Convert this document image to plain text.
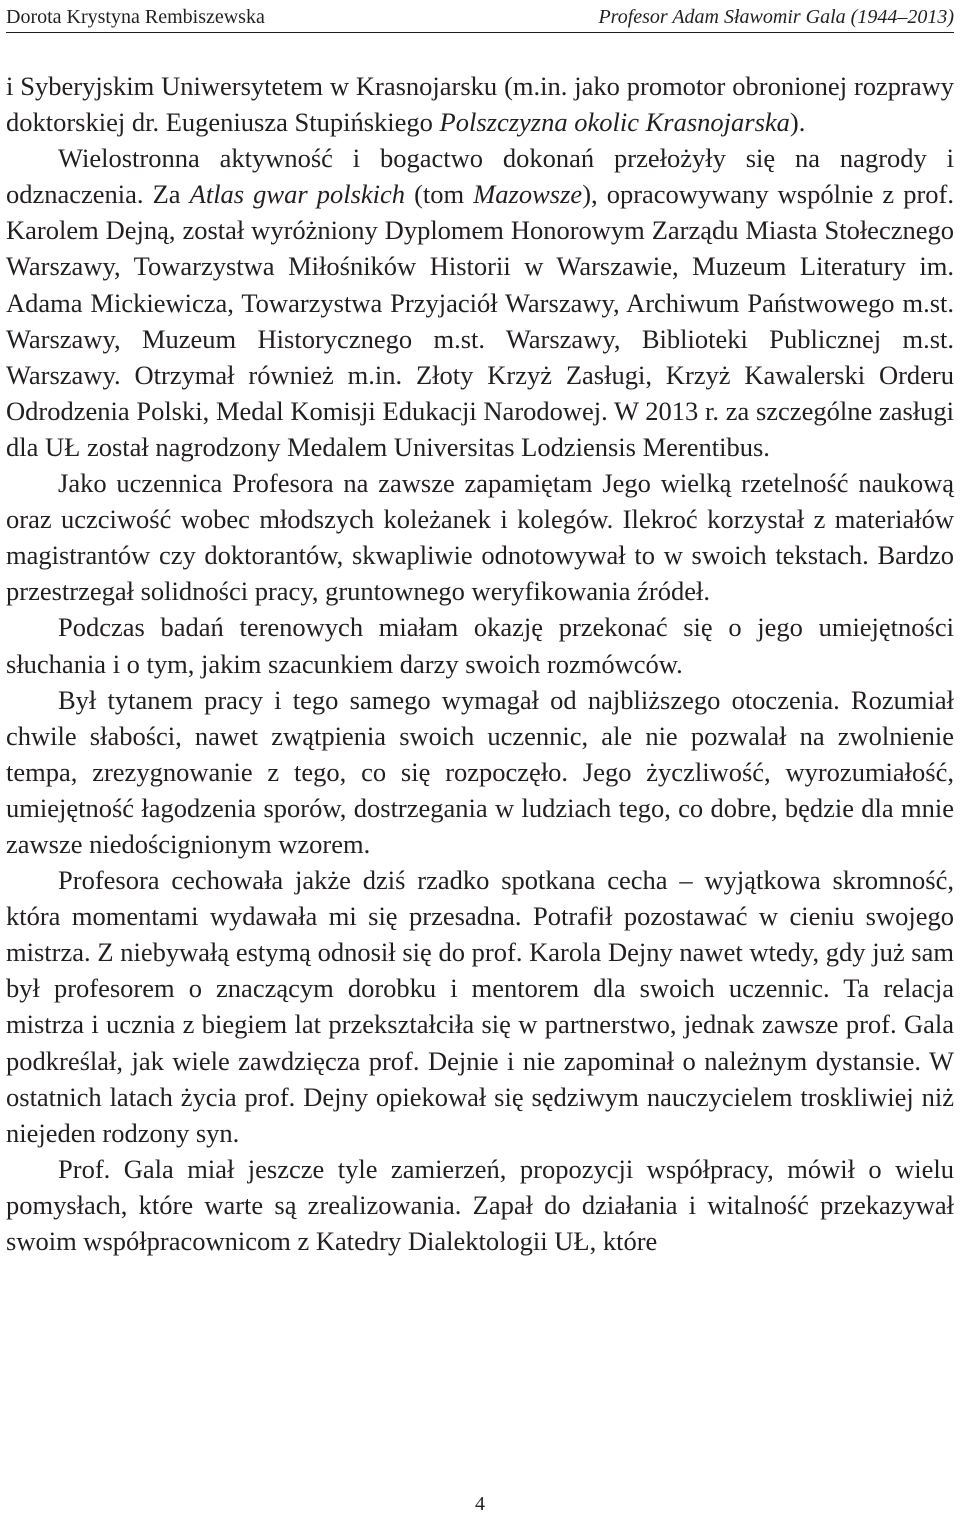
Dorota Krystyna Rembiszewska	Profesor Adam Sławomir Gala (1944–2013)

i Syberyjskim Uniwersytetem w Krasnojarsku (m.in. jako promotor obronionej rozprawy doktorskiej dr. Eugeniusza Stupińskiego Polszczyzna okolic Krasnojarska).

Wielostronna aktywność i bogactwo dokonań przełożyły się na nagrody i odznaczenia. Za Atlas gwar polskich (tom Mazowsze), opracowywany wspólnie z prof. Karolem Dejną, został wyróżniony Dyplomem Honorowym Zarządu Miasta Stołecznego Warszawy, Towarzystwa Miłośników Historii w Warszawie, Muzeum Literatury im. Adama Mickiewicza, Towarzystwa Przyjaciół Warszawy, Archiwum Państwowego m.st. Warszawy, Muzeum Historycznego m.st. Warszawy, Biblioteki Publicznej m.st. Warszawy. Otrzymał również m.in. Złoty Krzyż Zasługi, Krzyż Kawalerski Orderu Odrodzenia Polski, Medal Komisji Edukacji Narodowej. W 2013 r. za szczególne zasługi dla UŁ został nagrodzony Medalem Universitas Lodziensis Merentibus.

Jako uczennica Profesora na zawsze zapamiętam Jego wielką rzetelność naukową oraz uczciwość wobec młodszych koleżanek i kolegów. Ilekroć korzystał z materiałów magistrantów czy doktorantów, skwapliwie odnotowywał to w swoich tekstach. Bardzo przestrzegał solidności pracy, gruntownego weryfikowania źródeł.

Podczas badań terenowych miałam okazję przekonać się o jego umiejętności słuchania i o tym, jakim szacunkiem darzy swoich rozmówców.

Był tytanem pracy i tego samego wymagał od najbliższego otoczenia. Rozumiał chwile słabości, nawet zwątpienia swoich uczennic, ale nie pozwalał na zwolnienie tempa, zrezygnowanie z tego, co się rozpoczęło. Jego życzliwość, wyrozumiałość, umiejętność łagodzenia sporów, dostrzegania w ludziach tego, co dobre, będzie dla mnie zawsze niedoścignionym wzorem.

Profesora cechowała jakże dziś rzadko spotkana cecha – wyjątkowa skromność, która momentami wydawała mi się przesadna. Potrafił pozostawać w cieniu swojego mistrza. Z niebywałą estymą odnosił się do prof. Karola Dejny nawet wtedy, gdy już sam był profesorem o znaczącym dorobku i mentorem dla swoich uczennic. Ta relacja mistrza i ucznia z biegiem lat przekształciła się w partnerstwo, jednak zawsze prof. Gala podkreślał, jak wiele zawdzięcza prof. Dejnie i nie zapominał o należnym dystansie. W ostatnich latach życia prof. Dejny opiekował się sędziwym nauczycielem troskliwiej niż niejeden rodzony syn.

Prof. Gala miał jeszcze tyle zamierzeń, propozycji współpracy, mówił o wielu pomysłach, które warte są zrealizowania. Zapał do działania i witalność przekazywał swoim współpracownicom z Katedry Dialektologii UŁ, które

4
